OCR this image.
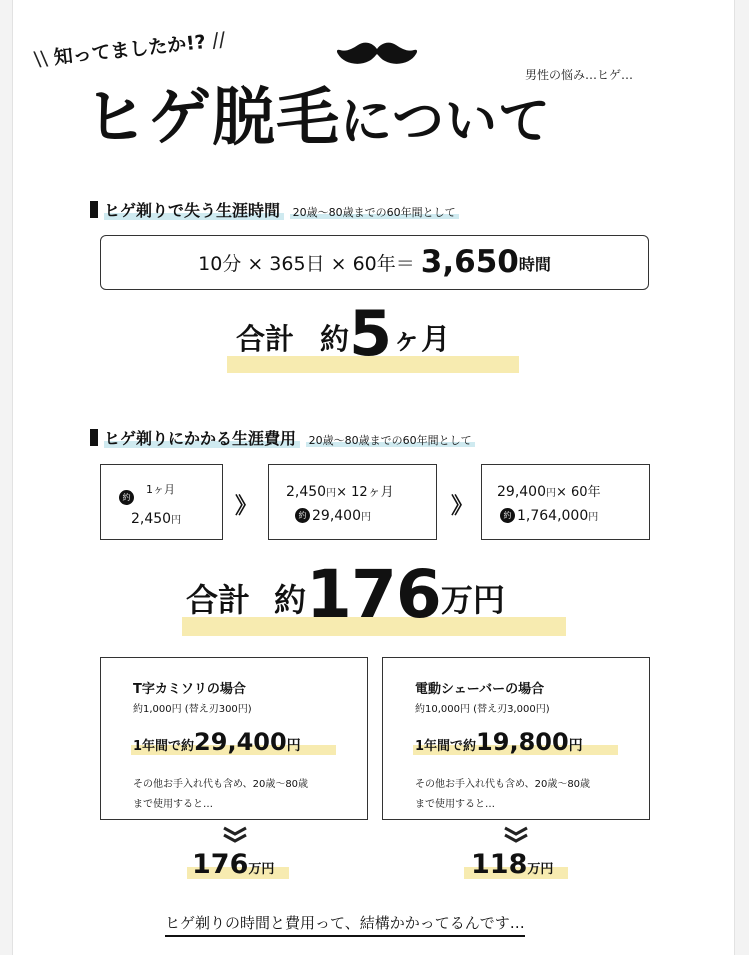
\\ 知ってましたか!? //
男性の悩み…ヒゲ…
ヒゲ脱毛について
ヒゲ剃りで失う生涯時間 20歳～80歳までの60年間として
10分 × 365日 × 60年＝ 3,650時間
合計 約5ヶ月
ヒゲ剃りにかかる生涯費用 20歳～80歳までの60年間として
1ヶ月
約
2,450円
》
2,450円× 12ヶ月
約 29,400円	》
29,400円× 60年
約 1,764,000円
合計 約176万円
T字カミソリの場合
約1,000円 (替え刃300円)
1年間で約29,400円
その他お手入れ代も含め、20歳～80歳
まで使用すると…
電動シェーバーの場合
約10,000円 (替え刃3,000円)
1年間で約19,800円
その他お手入れ代も含め、20歳～80歳
まで使用すると…
176万円	118万円
ヒゲ剃りの時間と費用って、結構かかってるんです…
